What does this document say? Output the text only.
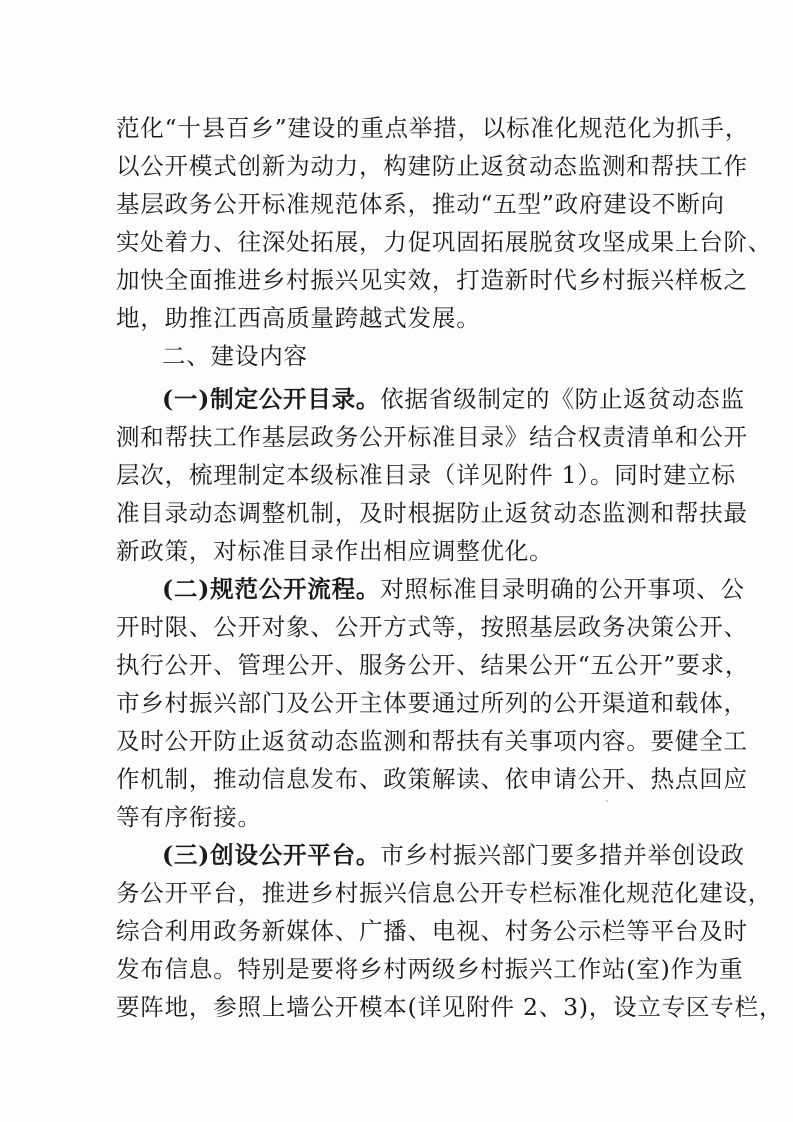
范化“十县百乡”建设的重点举措，以标准化规范化为抓手，
以公开模式创新为动力，构建防止返贫动态监测和帮扶工作
基层政务公开标准规范体系，推动“五型”政府建设不断向
实处着力、往深处拓展，力促巩固拓展脱贫攻坚成果上台阶、
加快全面推进乡村振兴见实效，打造新时代乡村振兴样板之
地，助推江西高质量跨越式发展。
二、建设内容
(一)制定公开目录。依据省级制定的《防止返贫动态监
测和帮扶工作基层政务公开标准目录》结合权责清单和公开
层次，梳理制定本级标准目录（详见附件 1）。同时建立标
准目录动态调整机制，及时根据防止返贫动态监测和帮扶最
新政策，对标准目录作出相应调整优化。
(二)规范公开流程。对照标准目录明确的公开事项、公
开时限、公开对象、公开方式等，按照基层政务决策公开、
执行公开、管理公开、服务公开、结果公开“五公开”要求，
市乡村振兴部门及公开主体要通过所列的公开渠道和载体，
及时公开防止返贫动态监测和帮扶有关事项内容。要健全工
作机制，推动信息发布、政策解读、依申请公开、热点回应
等有序衔接。
(三)创设公开平台。市乡村振兴部门要多措并举创设政
务公开平台，推进乡村振兴信息公开专栏标准化规范化建设，
综合利用政务新媒体、广播、电视、村务公示栏等平台及时
发布信息。特别是要将乡村两级乡村振兴工作站(室)作为重
要阵地，参照上墙公开模本(详见附件 2、3)，设立专区专栏，
